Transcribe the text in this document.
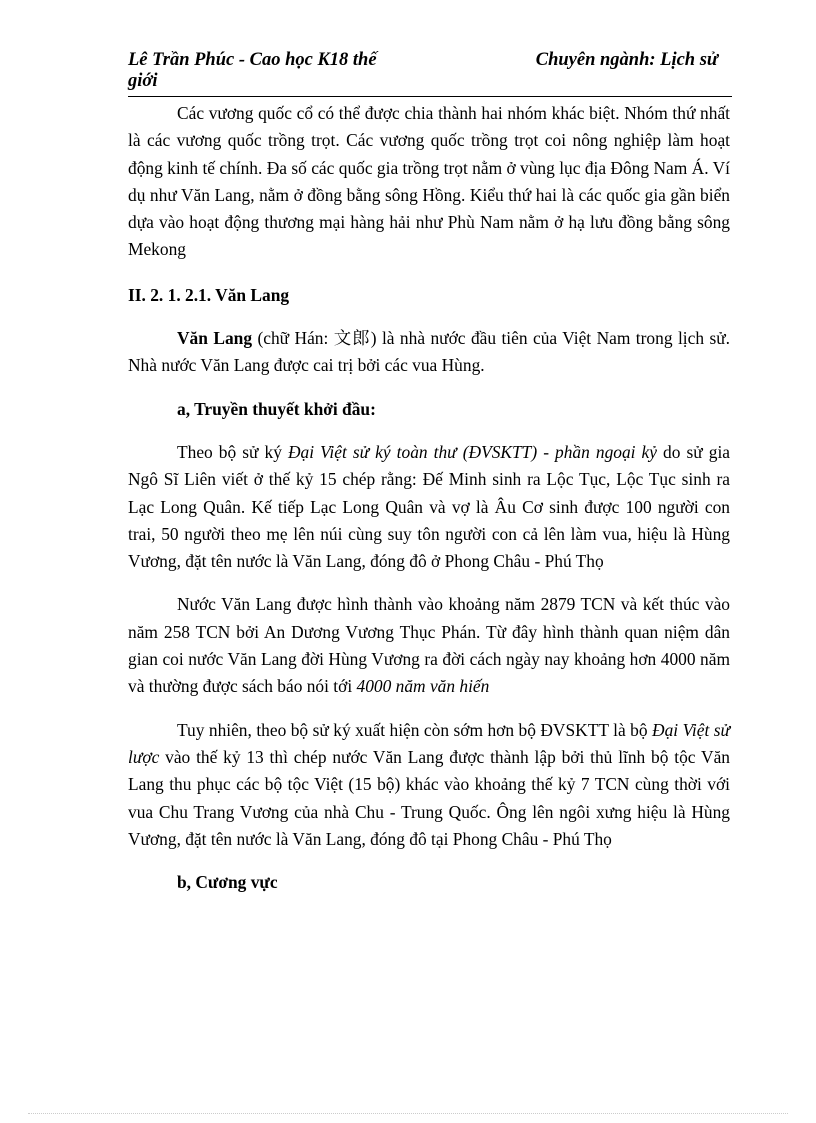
Lê Trần Phúc - Cao học K18 thế giới
Chuyên ngành: Lịch sử

Các vương quốc cổ có thể được chia thành hai nhóm khác biệt. Nhóm thứ nhất là các vương quốc trồng trọt. Các vương quốc trồng trọt coi nông nghiệp làm hoạt động kinh tế chính. Đa số các quốc gia trồng trọt nằm ở vùng lục địa Đông Nam Á. Ví dụ như Văn Lang, nằm ở đồng bằng sông Hồng. Kiểu thứ hai là các quốc gia gần biển dựa vào hoạt động thương mại hàng hải như Phù Nam nằm ở hạ lưu đồng bằng sông Mekong

II. 2. 1. 2.1. Văn Lang

Văn Lang (chữ Hán: 文郎) là nhà nước đầu tiên của Việt Nam trong lịch sử. Nhà nước Văn Lang được cai trị bởi các vua Hùng.

a, Truyền thuyết khởi đầu:

Theo bộ sử ký Đại Việt sử ký toàn thư (ĐVSKTT) - phần ngoại kỷ do sử gia Ngô Sĩ Liên viết ở thế kỷ 15 chép rằng: Đế Minh sinh ra Lộc Tục, Lộc Tục sinh ra Lạc Long Quân. Kế tiếp Lạc Long Quân và vợ là Âu Cơ sinh được 100 người con trai, 50 người theo mẹ lên núi cùng suy tôn người con cả lên làm vua, hiệu là Hùng Vương, đặt tên nước là Văn Lang, đóng đô ở Phong Châu - Phú Thọ

Nước Văn Lang được hình thành vào khoảng năm 2879 TCN và kết thúc vào năm 258 TCN bởi An Dương Vương Thục Phán. Từ đây hình thành quan niệm dân gian coi nước Văn Lang đời Hùng Vương ra đời cách ngày nay khoảng hơn 4000 năm và thường được sách báo nói tới 4000 năm văn hiến

Tuy nhiên, theo bộ sử ký xuất hiện còn sớm hơn bộ ĐVSKTT là bộ Đại Việt sử lược vào thế kỷ 13 thì chép nước Văn Lang được thành lập bởi thủ lĩnh bộ tộc Văn Lang thu phục các bộ tộc Việt (15 bộ) khác vào khoảng thế kỷ 7 TCN cùng thời với vua Chu Trang Vương của nhà Chu - Trung Quốc. Ông lên ngôi xưng hiệu là Hùng Vương, đặt tên nước là Văn Lang, đóng đô tại Phong Châu - Phú Thọ

b, Cương vực
